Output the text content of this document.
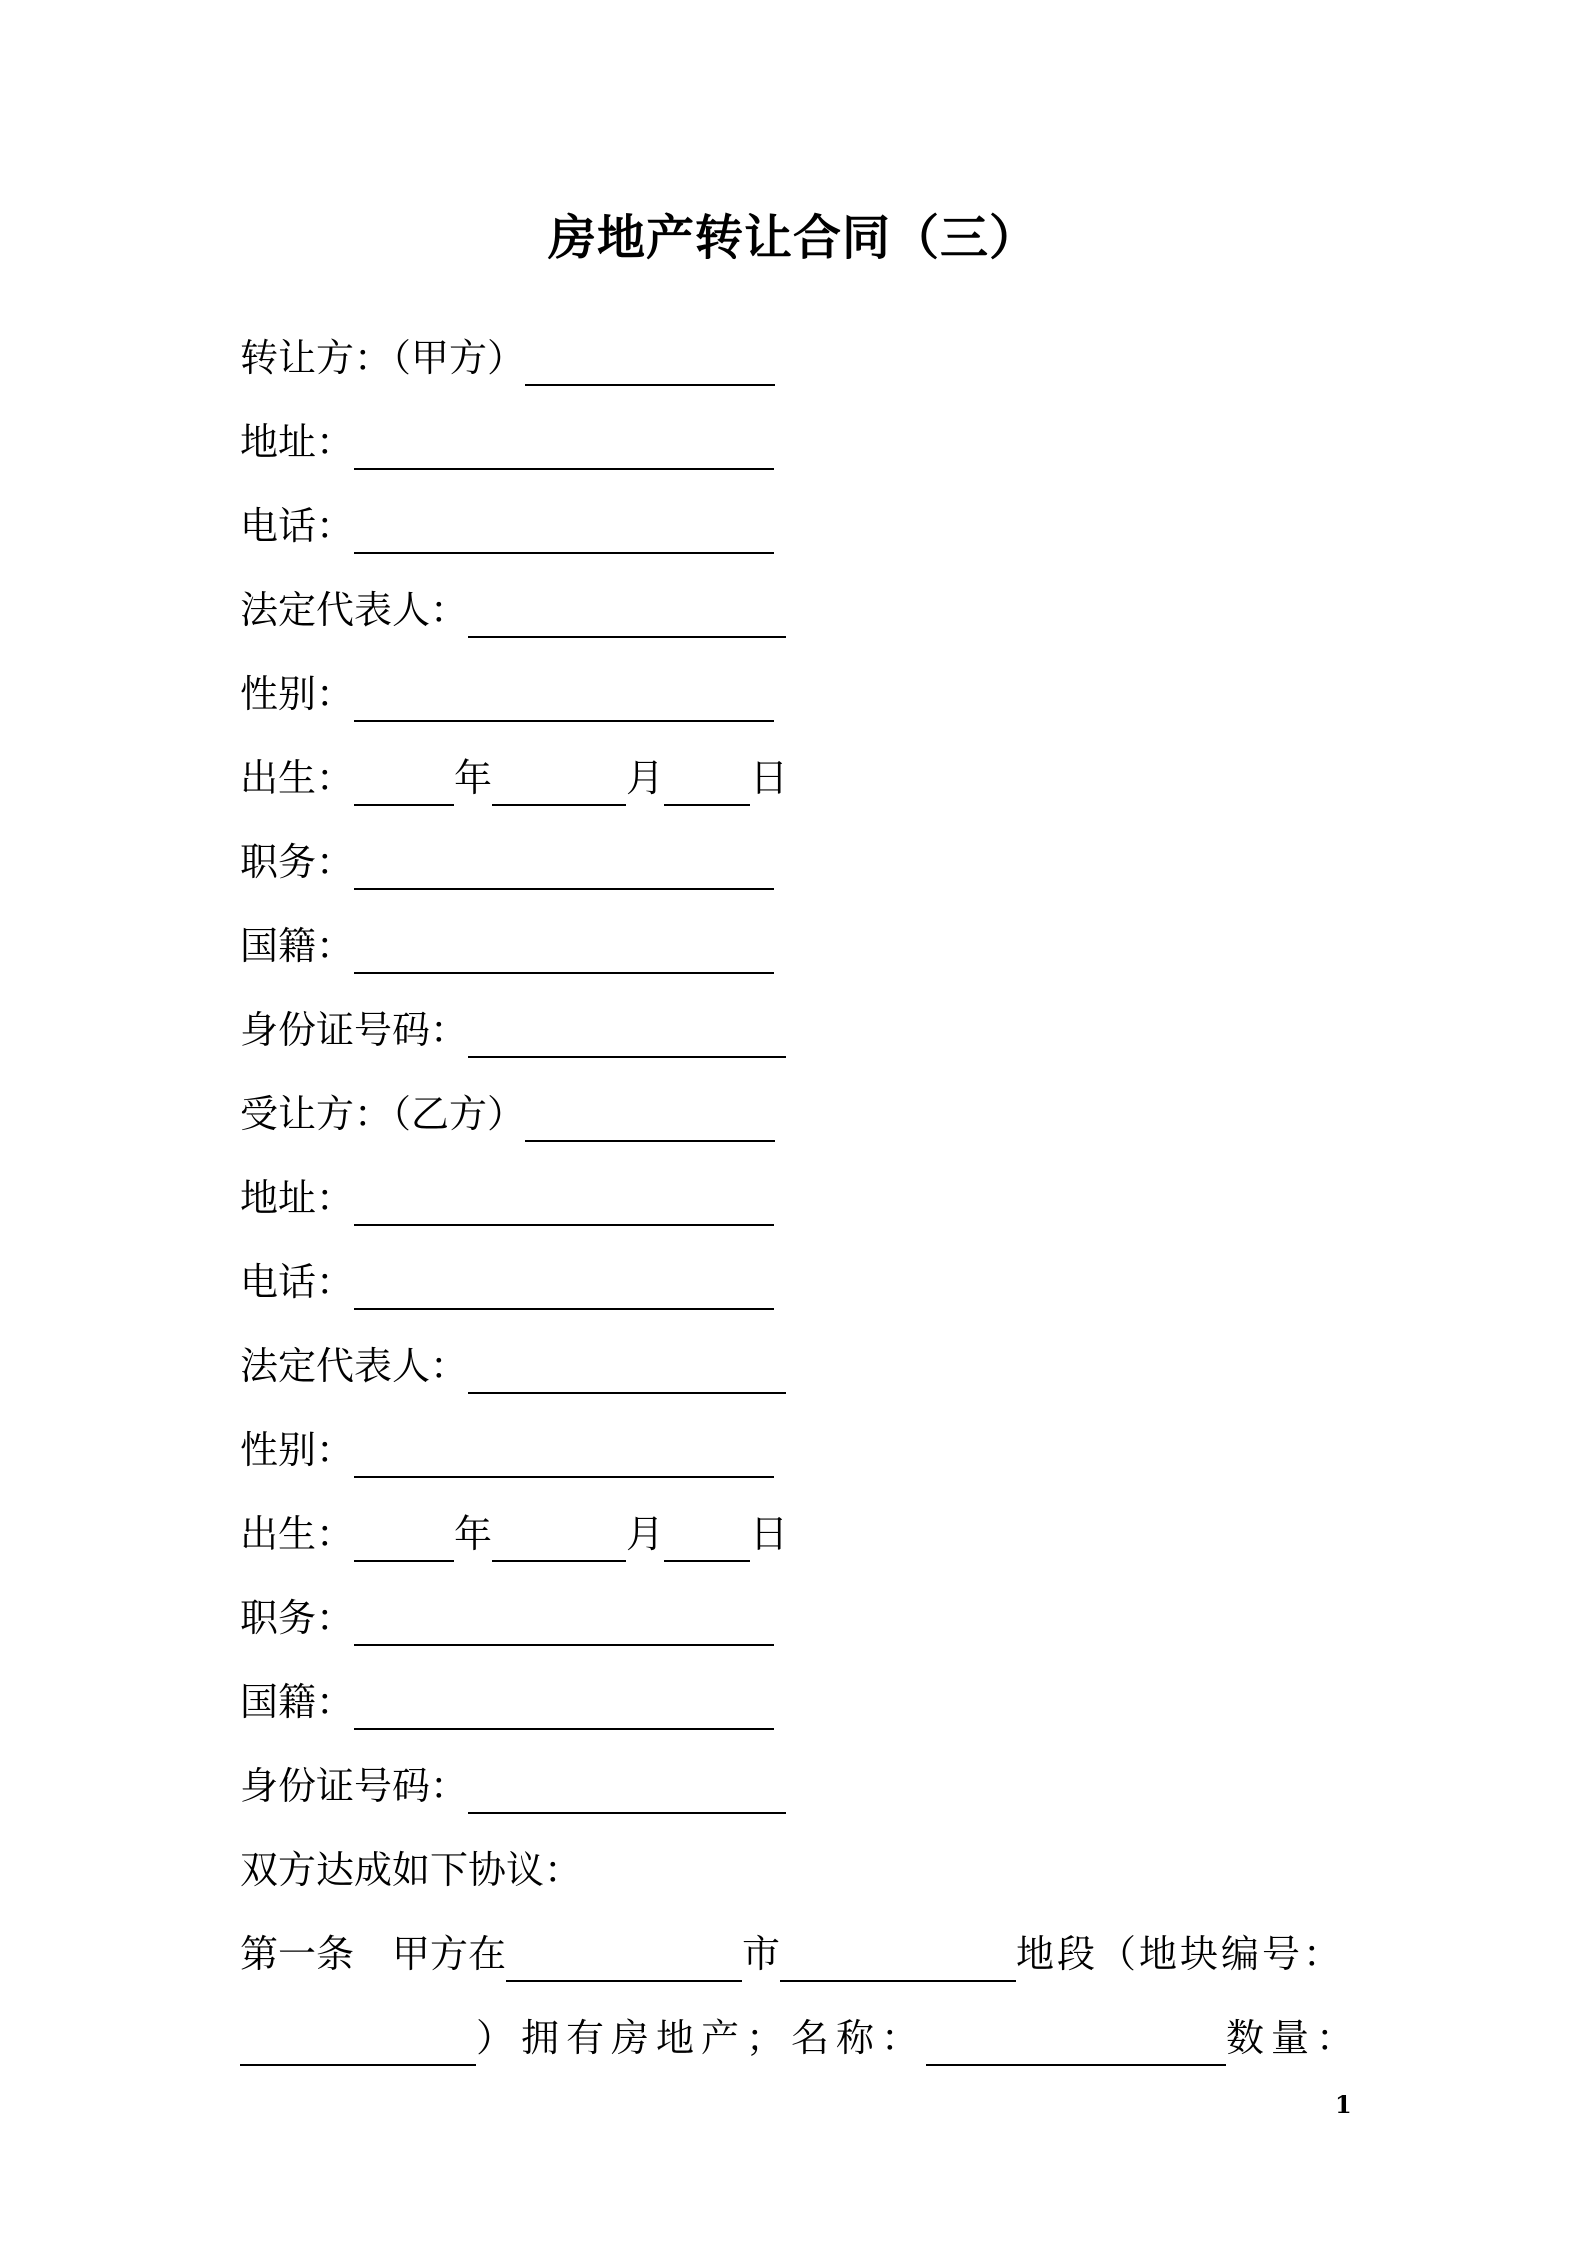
房地产转让合同（三）
转让方：（甲方）
地址：
电话：
法定代表人：
性别：
出生：	年	月 日
职务：
国籍：
身份证号码：
受让方：（乙方）
地址：
电话：
法定代表人：
性别：
出生：	年	月 日
职务：
国籍：
身份证号码：
双方达成如下协议：
第一条 甲方在	市	地段（地块编号：
）拥有房地产；名称：	数量：
1
